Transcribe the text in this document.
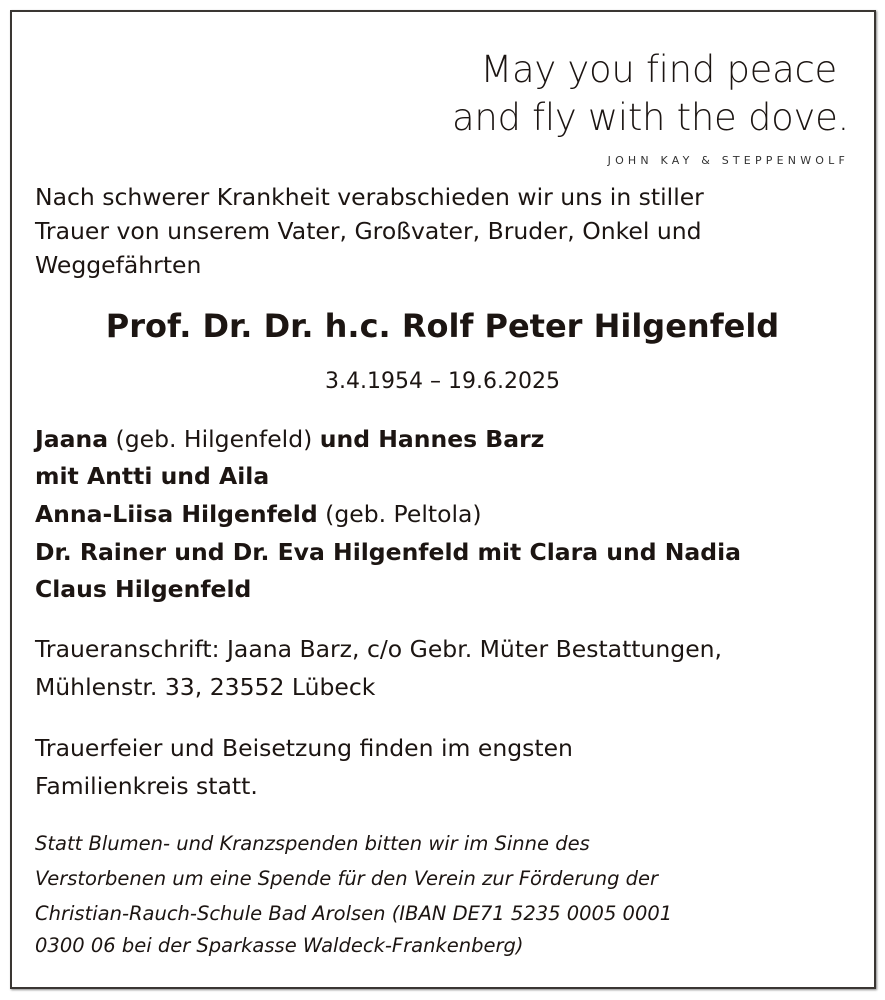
May you find peace
and fly with the dove.
JOHN KAY & STEPPENWOLF
Nach schwerer Krankheit verabschieden wir uns in stiller
Trauer von unserem Vater, Großvater, Bruder, Onkel und
Weggefährten
Prof. Dr. Dr. h.c. Rolf Peter Hilgenfeld
3.4.1954 – 19.6.2025
Jaana (geb. Hilgenfeld) und Hannes Barz
mit Antti und Aila
Anna-Liisa Hilgenfeld (geb. Peltola)
Dr. Rainer und Dr. Eva Hilgenfeld mit Clara und Nadia
Claus Hilgenfeld
Traueranschrift: Jaana Barz, c/o Gebr. Müter Bestattungen,
Mühlenstr. 33, 23552 Lübeck
Trauerfeier und Beisetzung finden im engsten
Familienkreis statt.
Statt Blumen- und Kranzspenden bitten wir im Sinne des
Verstorbenen um eine Spende für den Verein zur Förderung der
Christian-Rauch-Schule Bad Arolsen (IBAN DE71 5235 0005 0001
0300 06 bei der Sparkasse Waldeck-Frankenberg)
